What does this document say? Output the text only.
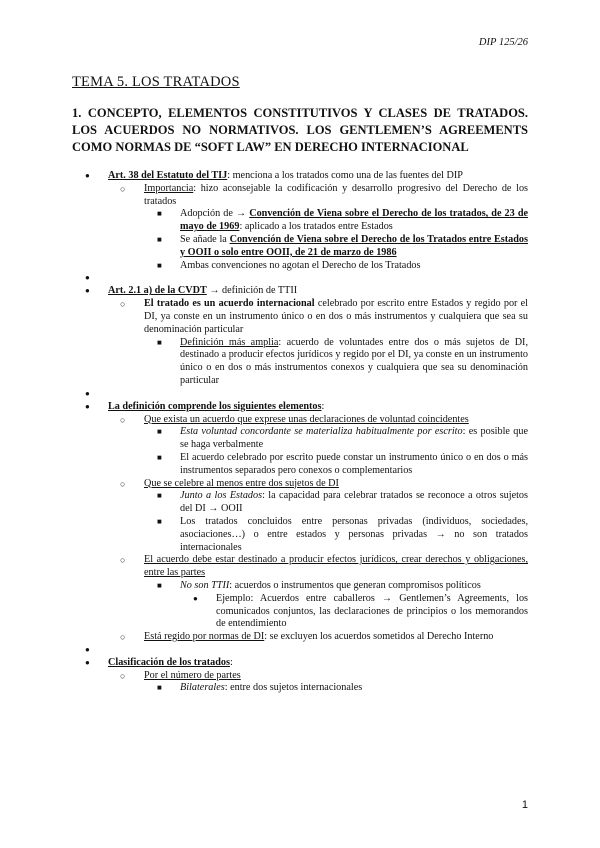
DIP 125/26
TEMA 5. LOS TRATADOS

1. CONCEPTO, ELEMENTOS CONSTITUTIVOS Y CLASES DE TRATADOS. LOS ACUERDOS NO NORMATIVOS. LOS GENTLEMEN’S AGREEMENTS COMO NORMAS DE “SOFT LAW” EN DERECHO INTERNACIONAL

● Art. 38 del Estatuto del TIJ: menciona a los tratados como una de las fuentes del DIP
○ Importancia: hizo aconsejable la codificación y desarrollo progresivo del Derecho de los tratados
■ Adopción de → Convención de Viena sobre el Derecho de los tratados, de 23 de mayo de 1969: aplicado a los tratados entre Estados
■ Se añade la Convención de Viena sobre el Derecho de los Tratados entre Estados y OOII o solo entre OOII, de 21 de marzo de 1986
■ Ambas convenciones no agotan el Derecho de los Tratados
●
● Art. 2.1 a) de la CVDT → definición de TTII
○ El tratado es un acuerdo internacional celebrado por escrito entre Estados y regido por el DI, ya conste en un instrumento único o en dos o más instrumentos y cualquiera que sea su denominación particular
■ Definición más amplia: acuerdo de voluntades entre dos o más sujetos de DI, destinado a producir efectos jurídicos y regido por el DI, ya conste en un instrumento único o en dos o más instrumentos conexos y cualquiera que sea su denominación particular
●
● La definición comprende los siguientes elementos:
○ Que exista un acuerdo que exprese unas declaraciones de voluntad coincidentes
■ Esta voluntad concordante se materializa habitualmente por escrito: es posible que se haga verbalmente
■ El acuerdo celebrado por escrito puede constar un instrumento único o en dos o más instrumentos separados pero conexos o complementarios
○ Que se celebre al menos entre dos sujetos de DI
■ Junto a los Estados: la capacidad para celebrar tratados se reconoce a otros sujetos del DI → OOII
■ Los tratados concluidos entre personas privadas (individuos, sociedades, asociaciones…) o entre estados y personas privadas → no son tratados internacionales
○ El acuerdo debe estar destinado a producir efectos jurídicos, crear derechos y obligaciones, entre las partes
■ No son TTII: acuerdos o instrumentos que generan compromisos políticos
● Ejemplo: Acuerdos entre caballeros → Gentlemen’s Agreements, los comunicados conjuntos, las declaraciones de principios o los memorandos de entendimiento
○ Está regido por normas de DI: se excluyen los acuerdos sometidos al Derecho Interno
●
● Clasificación de los tratados:
○ Por el número de partes
■ Bilaterales: entre dos sujetos internacionales
1
